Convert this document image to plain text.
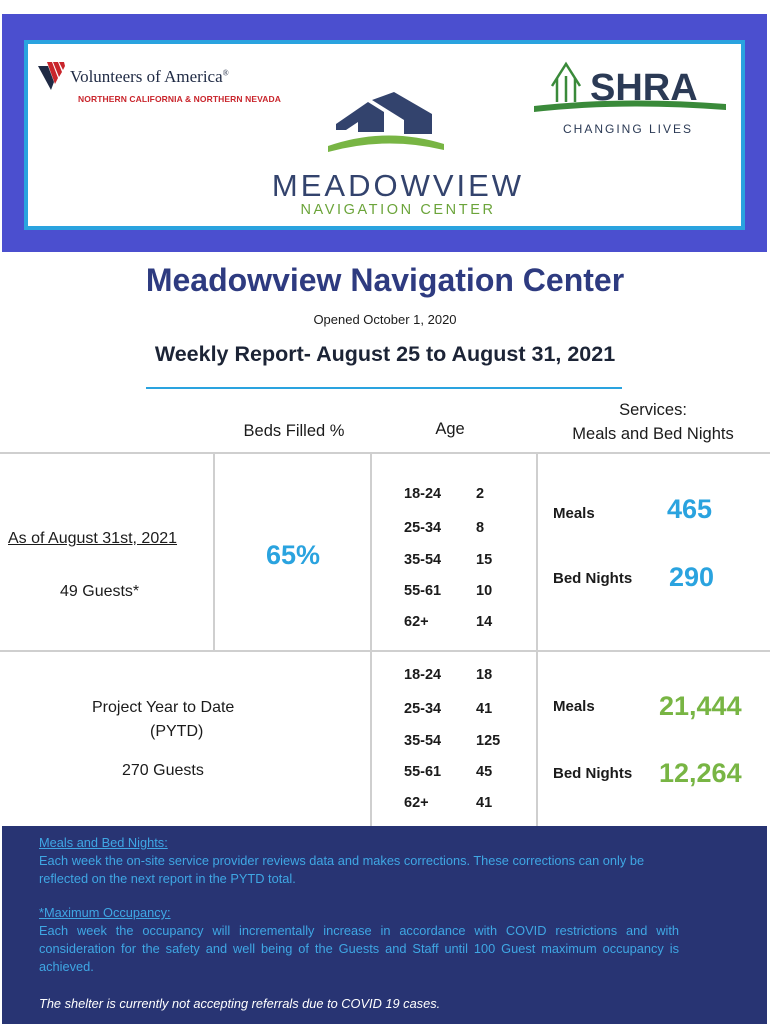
Volunteers of America®
NORTHERN CALIFORNIA & NORTHERN NEVADA
MEADOWVIEW
NAVIGATION CENTER
SHRA
CHANGING LIVES
Meadowview Navigation Center
Opened October 1, 2020
Weekly Report- August 25 to August 31, 2021
Beds Filled %	Age
Services:
Meals and Bed Nights
As of August 31st, 2021
49 Guests*
65%
18-24 2
25-34 8
35-54 15
55-61 10
62+	14
Meals	465
Bed Nights 290
Project Year to Date
(PYTD)
270 Guests
18-24 18
25-34 41
35-54 125
55-61 45
62+	41
Meals 21,444
Bed Nights 12,264
Meals and Bed Nights:
Each week the on-site service provider reviews data and makes corrections. These corrections can only be reflected on the next report in the PYTD total.
*Maximum Occupancy:
Each week the occupancy will incrementally increase in accordance with COVID restrictions and with consideration for the safety and well being of the Guests and Staff until 100 Guest maximum occupancy is achieved.
The shelter is currently not accepting referrals due to COVID 19 cases.
